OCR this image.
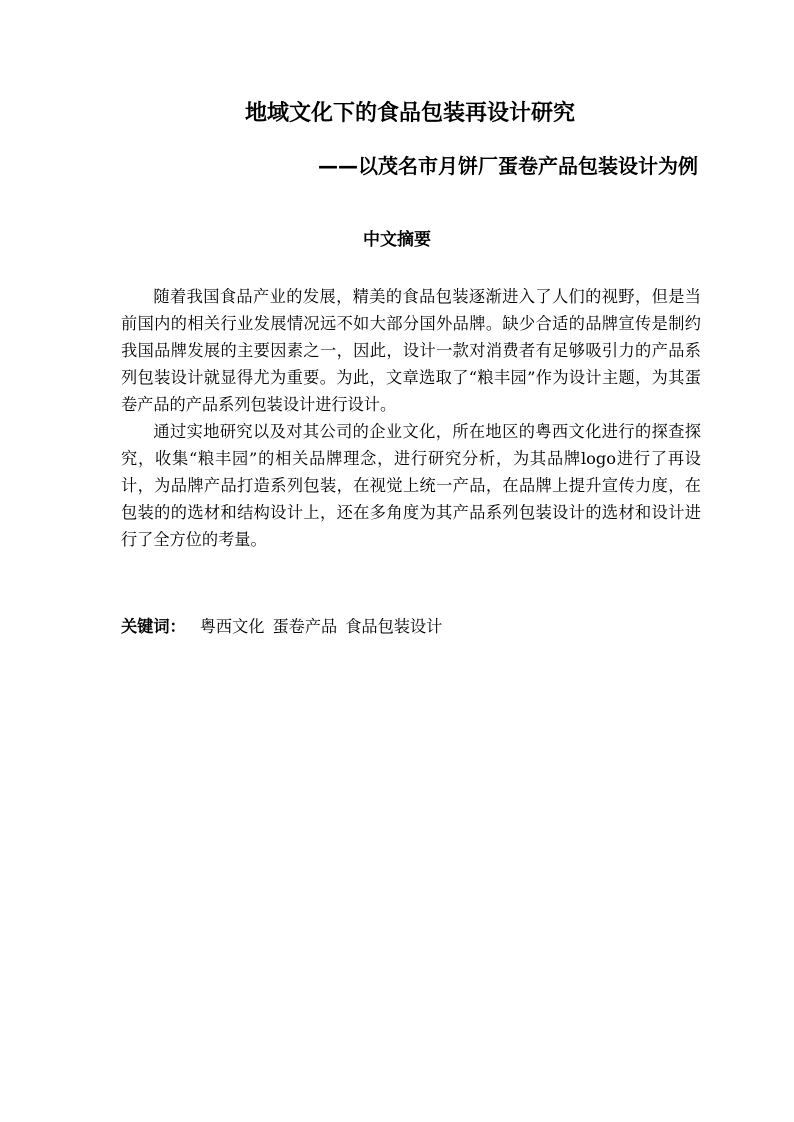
地域文化下的食品包装再设计研究
——以茂名市月饼厂蛋卷产品包装设计为例
中文摘要

随着我国食品产业的发展，精美的食品包装逐渐进入了人们的视野，但是当前国内的相关行业发展情况远不如大部分国外品牌。缺少合适的品牌宣传是制约我国品牌发展的主要因素之一，因此，设计一款对消费者有足够吸引力的产品系列包装设计就显得尤为重要。为此，文章选取了“粮丰园”作为设计主题，为其蛋卷产品的产品系列包装设计进行设计。

通过实地研究以及对其公司的企业文化，所在地区的粤西文化进行的探查探究，收集“粮丰园”的相关品牌理念，进行研究分析，为其品牌logo进行了再设计，为品牌产品打造系列包装，在视觉上统一产品，在品牌上提升宣传力度，在包装的的选材和结构设计上，还在多角度为其产品系列包装设计的选材和设计进行了全方位的考量。

关键词： 粤西文化 蛋卷产品 食品包装设计
